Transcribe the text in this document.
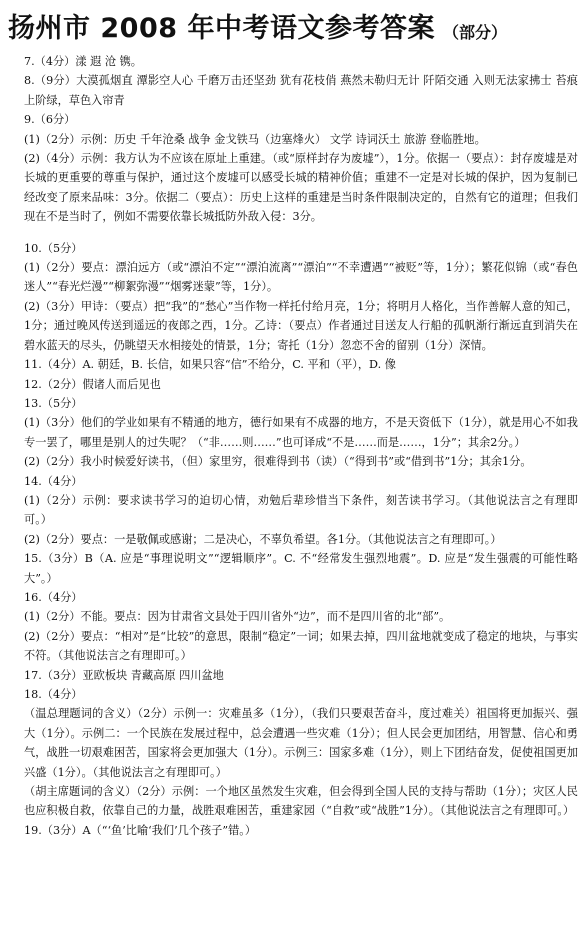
扬州市 2008 年中考语文参考答案 （部分）

7.（4分）漾 遐 沧 镌。

8.（9分）大漠孤烟直 潭影空人心 千磨万击还坚劲 犹有花枝俏 燕然未勒归无计 阡陌交通 入则无法家拂士 苔痕上阶绿，草色入帘青

9.（6分）

(1)（2分）示例：历史 千年沧桑 战争 金戈铁马（边塞烽火） 文学 诗词沃土 旅游 登临胜地。

(2)（4分）示例：我方认为不应该在原址上重建。（或“原样封存为废墟”），1分。依据一（要点）：封存废墟是对长城的更重要的尊重与保护，通过这个废墟可以感受长城的精神价值；重建不一定是对长城的保护，因为复制已经改变了原来品味：3分。依据二（要点）：历史上这样的重建是当时条件限制决定的，自然有它的道理；但我们现在不是当时了，例如不需要依靠长城抵防外敌入侵：3分。

10.（5分）

(1)（2分）要点：漂泊远方（或“漂泊不定”“漂泊流离”“漂泊”“不幸遭遇”“被贬”等，1分）；繁花似锦（或“春色迷人”“春光烂漫”“柳絮弥漫”“烟雾迷蒙”等，1分）。

(2)（3分）甲诗：（要点）把“我”的“愁心”当作物一样托付给月亮，1分；将明月人格化，当作善解人意的知己，1分；通过晚风传送到遥远的夜郎之西，1分。乙诗：（要点）作者通过目送友人行船的孤帆渐行渐远直到消失在碧水蓝天的尽头，仍眺望天水相接处的情景，1分；寄托（1分）忽恋不舍的留别（1分）深情。

11.（4分）A. 朝廷，B. 长信，如果只容“信”不给分，C. 平和（平），D. 像

12.（2分）假诸人而后见也

13.（5分）

(1)（3分）他们的学业如果有不精通的地方，德行如果有不成器的地方，不是天资低下（1分），就是用心不如我专一罢了，哪里是别人的过失呢？（“非……则……”也可译成“不是……而是……，1分”；其余2分。）

(2)（2分）我小时候爱好读书，（但）家里穷，很难得到书（读）（“得到书”或“借到书”1分；其余1分。

14.（4分）

(1)（2分）示例：要求读书学习的迫切心情，劝勉后辈珍惜当下条件，刻苦读书学习。（其他说法言之有理即可。）

(2)（2分）要点：一是敬佩或感谢；二是决心，不辜负希望。各1分。（其他说法言之有理即可。）

15.（3分）B（A. 应是“事理说明文”“逻辑顺序”。C. 不“经常发生强烈地震”。D. 应是“发生强震的可能性略大”。）

16.（4分）

(1)（2分）不能。要点：因为甘肃省文县处于四川省外“边”，而不是四川省的北“部”。

(2)（2分）要点：“相对”是“比较”的意思，限制“稳定”一词；如果去掉，四川盆地就变成了稳定的地块，与事实不符。（其他说法言之有理即可。）

17.（3分）亚欧板块 青藏高原 四川盆地

18.（4分）

（温总理题词的含义）（2分）示例一：灾难虽多（1分），（我们只要艰苦奋斗，度过难关）祖国将更加振兴、强大（1分）。示例二：一个民族在发展过程中，总会遭遇一些灾难（1分）；但人民会更加团结，用智慧、信心和勇气，战胜一切艰难困苦，国家将会更加强大（1分）。示例三：国家多难（1分），则上下团结奋发，促使祖国更加兴盛（1分）。（其他说法言之有理即可。）

（胡主席题词的含义）（2分）示例：一个地区虽然发生灾难，但会得到全国人民的支持与帮助（1分）；灾区人民也应积极自救，依靠自己的力量，战胜艰难困苦，重建家园（“自救”或“战胜”1分）。（其他说法言之有理即可。）

19.（3分）A（“‘鱼’比喻‘我们’几个孩子”错。）
